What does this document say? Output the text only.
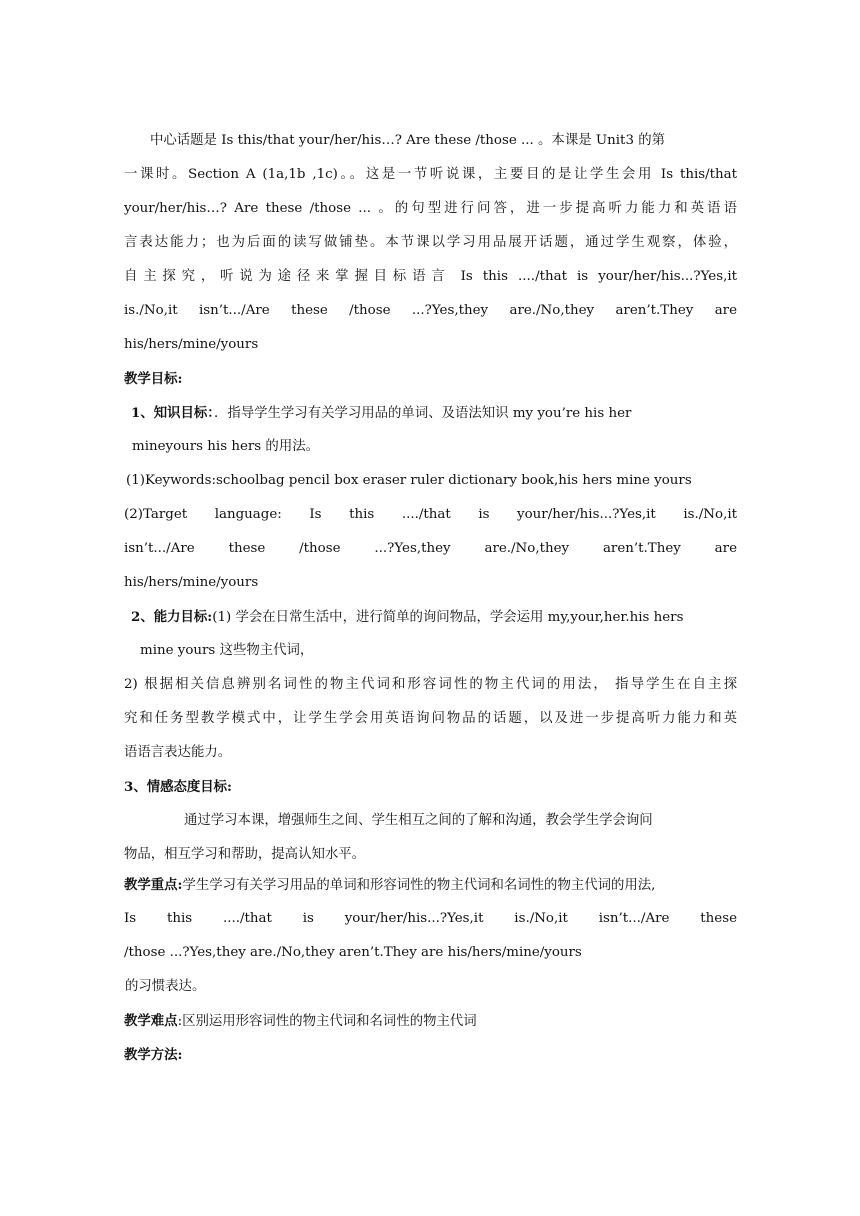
中心话题是 Is this/that your/her/his…? Are these /those ... 。本课是 Unit3 的第
一课时。Section A (1a,1b ,1c)。。这是一节听说课，主要目的是让学生会用 Is this/that
your/her/his…? Are these /those ... 。的句型进行问答，进一步提高听力能力和英语语
言表达能力；也为后面的读写做铺垫。本节课以学习用品展开话题，通过学生观察，体验，
自主探究，听说为途径来掌握目标语言 Is this ..../that is your/her/his...?Yes,it
is./No,it isn’t.../Are these /those ...?Yes,they are./No,they aren’t.They are
his/hers/mine/yours
教学目标:
1、知识目标：．指导学生学习有关学习用品的单词、及语法知识 my you’re his her
mineyours his hers 的用法。
(1)Keywords:schoolbag pencil box eraser ruler dictionary book,his hers mine yours
(2)Target language: Is this ..../that is your/her/his...?Yes,it is./No,it
isn’t.../Are these /those ...?Yes,they are./No,they aren’t.They are
his/hers/mine/yours
2、能力目标:(1) 学会在日常生活中，进行简单的询问物品，学会运用 my,your,her.his hers
mine yours 这些物主代词，
2) 根据相关信息辨别名词性的物主代词和形容词性的物主代词的用法， 指导学生在自主探
究和任务型教学模式中，让学生学会用英语询问物品的话题，以及进一步提高听力能力和英
语语言表达能力。
3、情感态度目标:
通过学习本课，增强师生之间、学生相互之间的了解和沟通，教会学生学会询问
物品，相互学习和帮助，提高认知水平。
教学重点:学生学习有关学习用品的单词和形容词性的物主代词和名词性的物主代词的用法,
Is this ..../that is your/her/his...?Yes,it is./No,it isn’t.../Are these
/those ...?Yes,they are./No,they aren’t.They are his/hers/mine/yours
的习惯表达。
教学难点:区别运用形容词性的物主代词和名词性的物主代词
教学方法:
